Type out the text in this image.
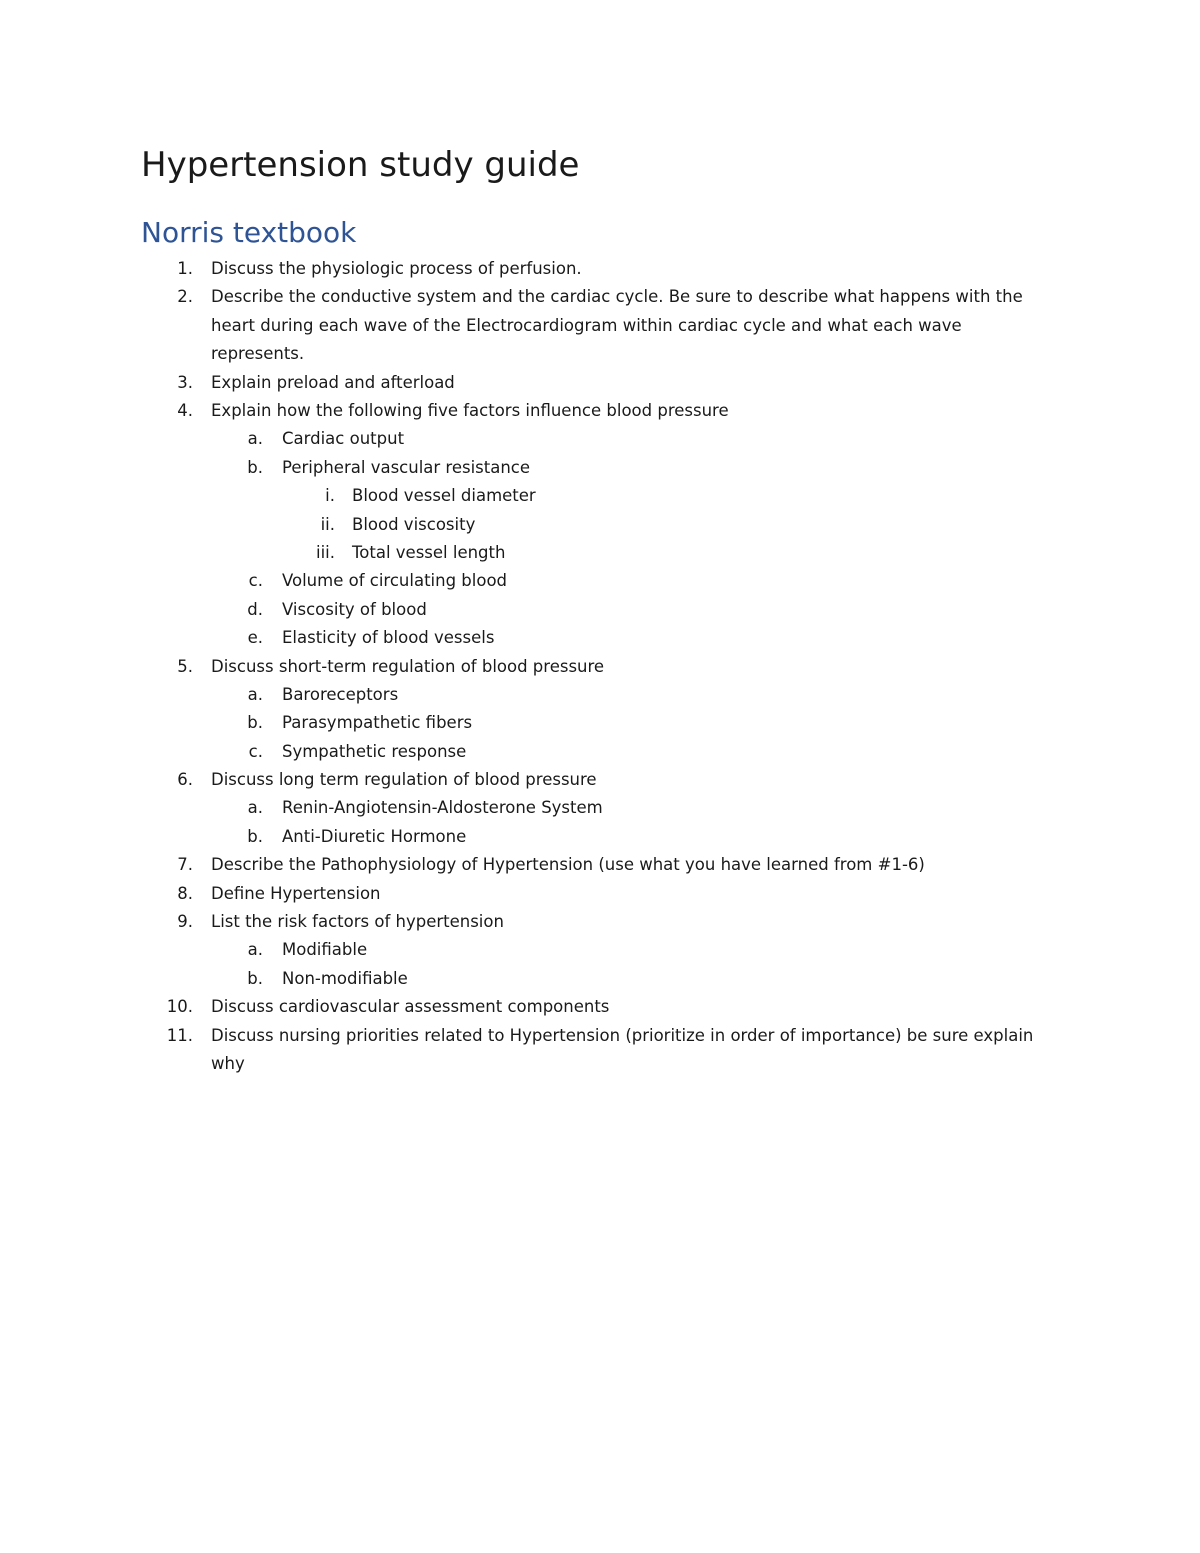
Hypertension study guide
Norris textbook
1. Discuss the physiologic process of perfusion.
2. Describe the conductive system and the cardiac cycle. Be sure to describe what happens with the heart during each wave of the Electrocardiogram within cardiac cycle and what each wave represents.
3. Explain preload and afterload
4. Explain how the following five factors influence blood pressure
a. Cardiac output
b. Peripheral vascular resistance
i. Blood vessel diameter
ii. Blood viscosity
iii. Total vessel length
c. Volume of circulating blood
d. Viscosity of blood
e. Elasticity of blood vessels
5. Discuss short-term regulation of blood pressure
a. Baroreceptors
b. Parasympathetic fibers
c. Sympathetic response
6. Discuss long term regulation of blood pressure
a. Renin-Angiotensin-Aldosterone System
b. Anti-Diuretic Hormone
7. Describe the Pathophysiology of Hypertension (use what you have learned from #1-6)
8. Define Hypertension
9. List the risk factors of hypertension
a. Modifiable
b. Non-modifiable
10. Discuss cardiovascular assessment components
11. Discuss nursing priorities related to Hypertension (prioritize in order of importance) be sure explain why
